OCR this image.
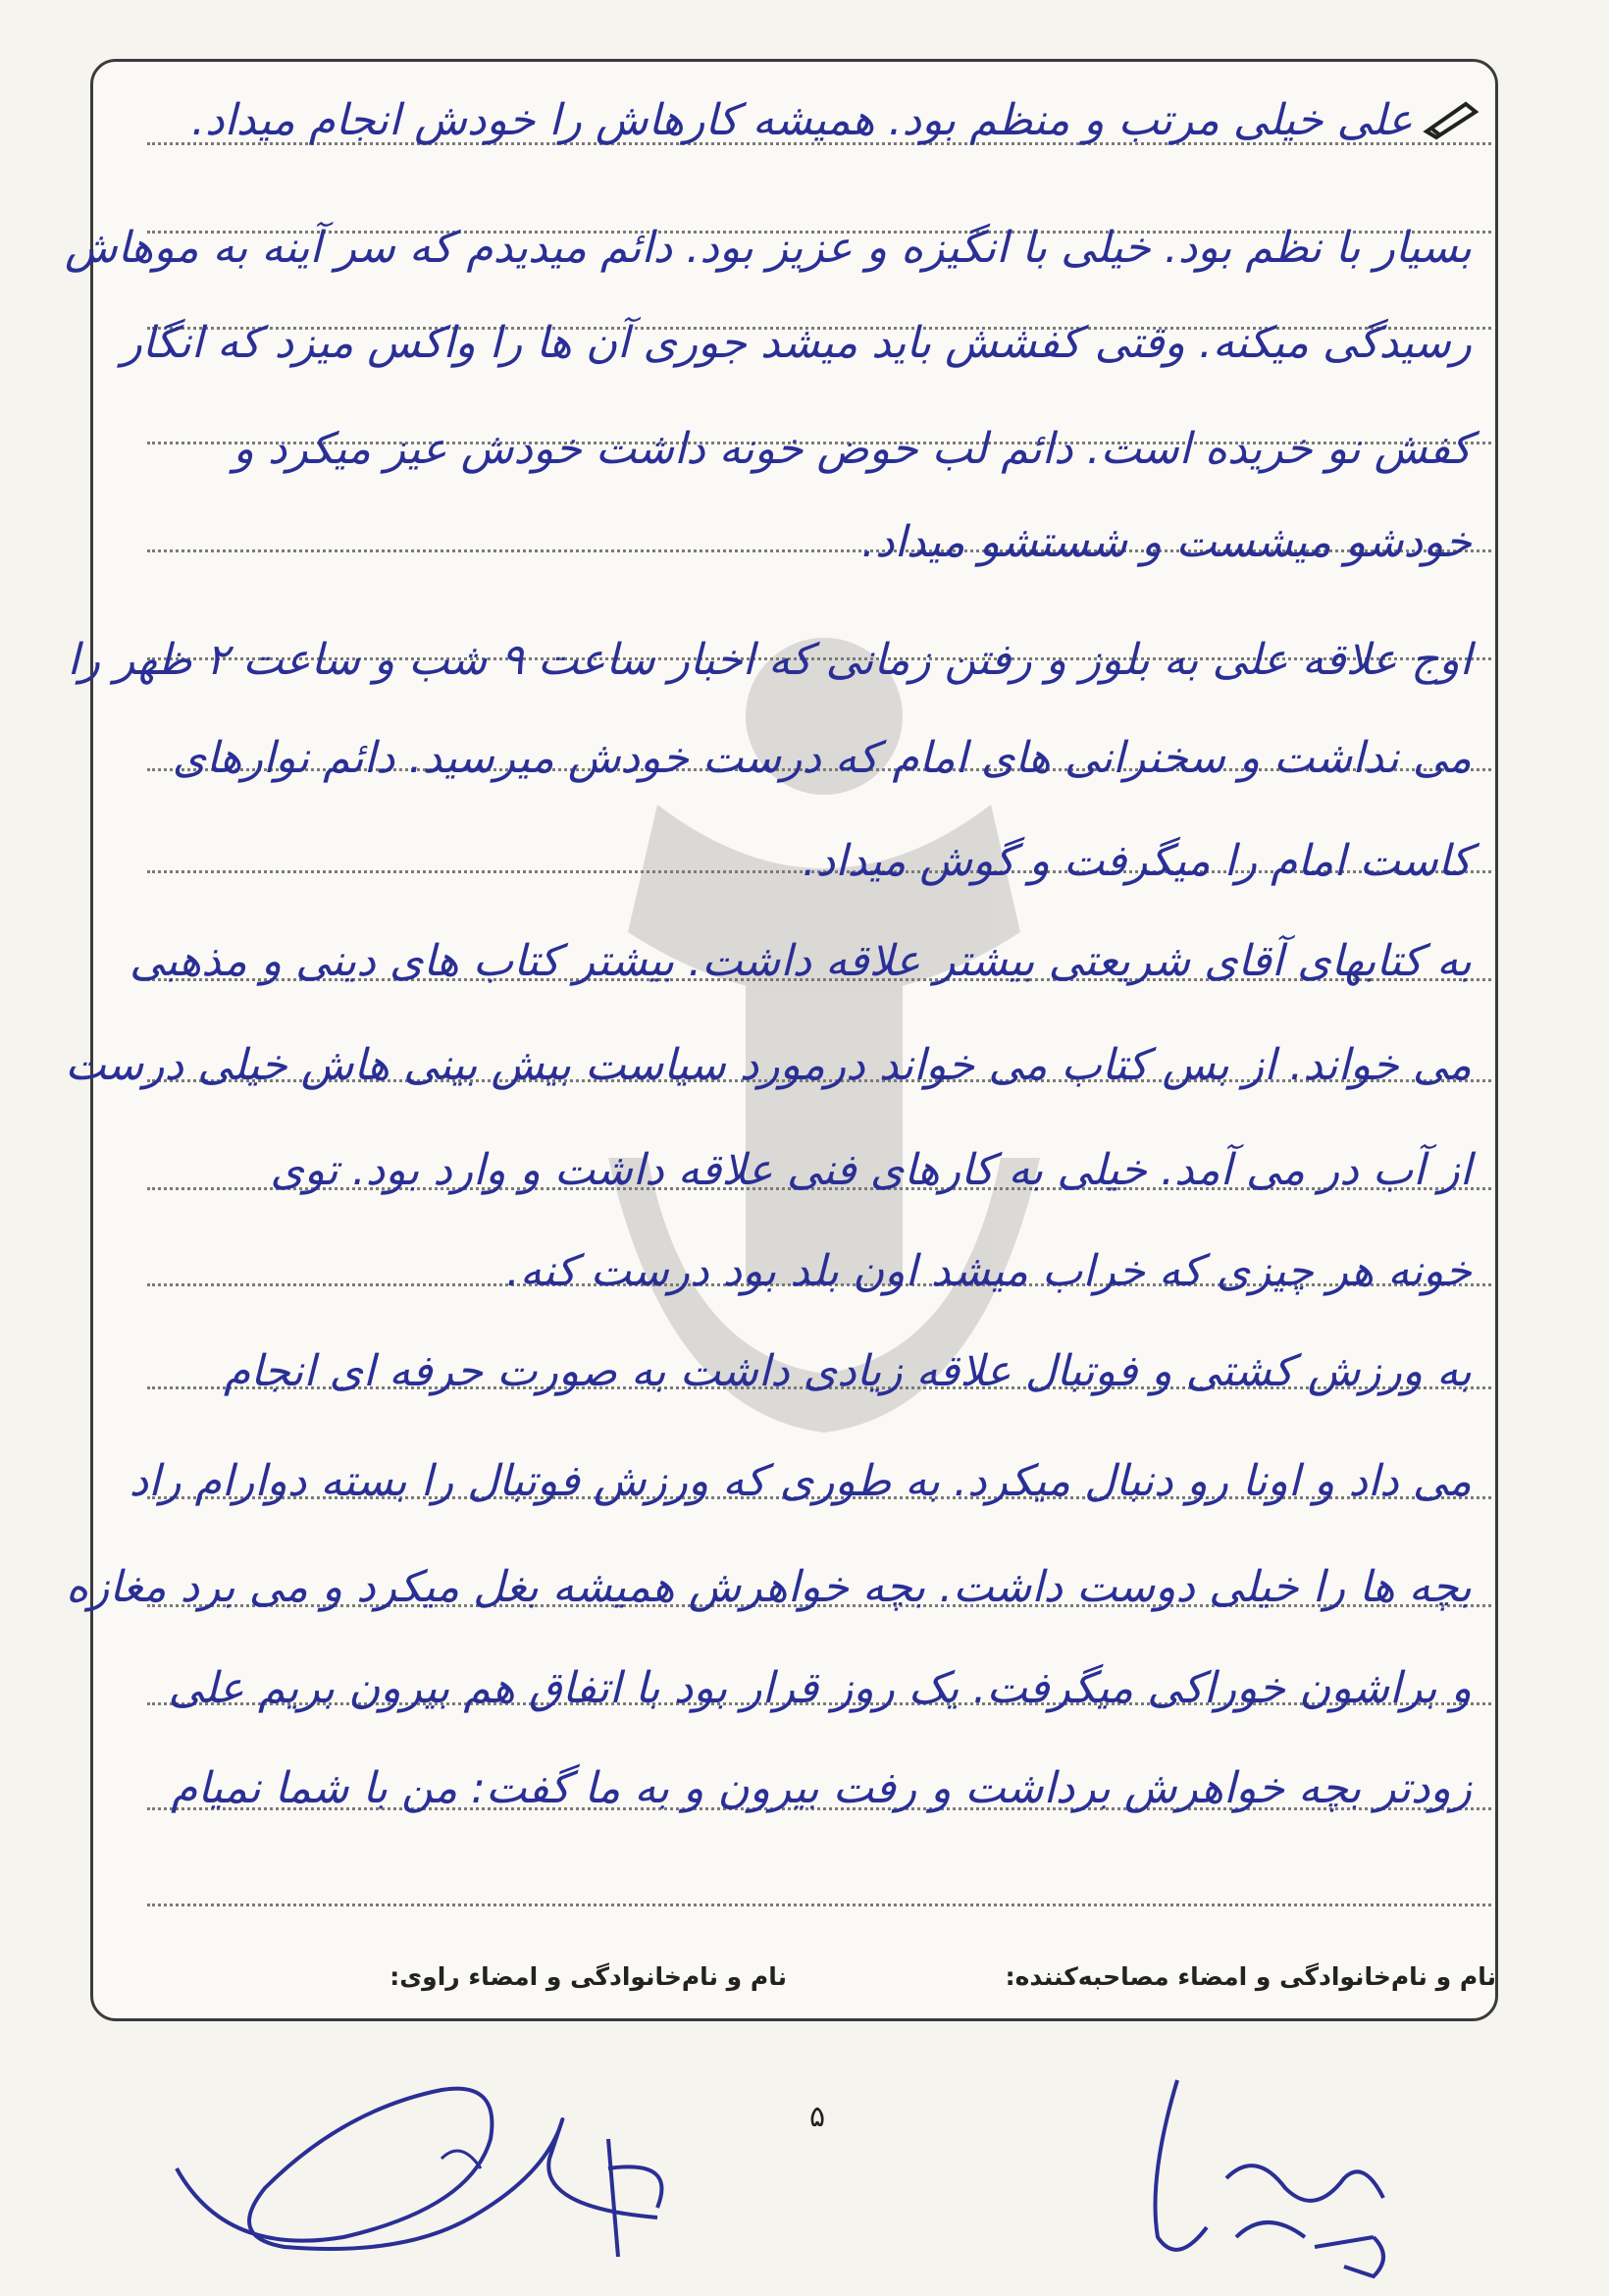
علی خیلی مرتب و منظم بود. همیشه کارهاش را خودش انجام میداد.
بسیار با نظم بود. خیلی با انگیزه و عزیز بود. دائم میدیدم که سر آینه به موهاش
رسیدگی میکنه. وقتی کفشش باید میشد جوری آن ها را واکس میزد که انگار
کفش نو خریده است. دائم لب حوض خونه داشت خودش عیز میکرد و
خودشو میشست و شستشو میداد.
اوج علاقه علی به بلوز و رفتن زمانی که اخبار ساعت ۹ شب و ساعت ۲ ظهر را
می نداشت و سخنرانی های امام که درست خودش میرسید. دائم نوارهای
کاست امام را میگرفت و گوش میداد.
به کتابهای آقای شریعتی بیشتر علاقه داشت. بیشتر کتاب های دینی و مذهبی
می خواند. از بس کتاب می خواند درمورد سیاست بیش بینی هاش خیلی درست
از آب در می آمد. خیلی به کارهای فنی علاقه داشت و وارد بود. توی
خونه هر چیزی که خراب میشد اون بلد بود درست کنه.
به ورزش کشتی و فوتبال علاقه زیادی داشت به صورت حرفه ای انجام
می داد و اونا رو دنبال میکرد. به طوری که ورزش فوتبال را بسته دوارام راد
بچه ها را خیلی دوست داشت. بچه خواهرش همیشه بغل میکرد و می برد مغازه
و براشون خوراکی میگرفت. یک روز قرار بود با اتفاق هم بیرون بریم علی
زودتر بچه خواهرش برداشت و رفت بیرون و به ما گفت: من با شما نمیام
نام و نام‌خانوادگی و امضاء مصاحبه‌کننده:
نام و نام‌خانوادگی و امضاء راوی:
۵
